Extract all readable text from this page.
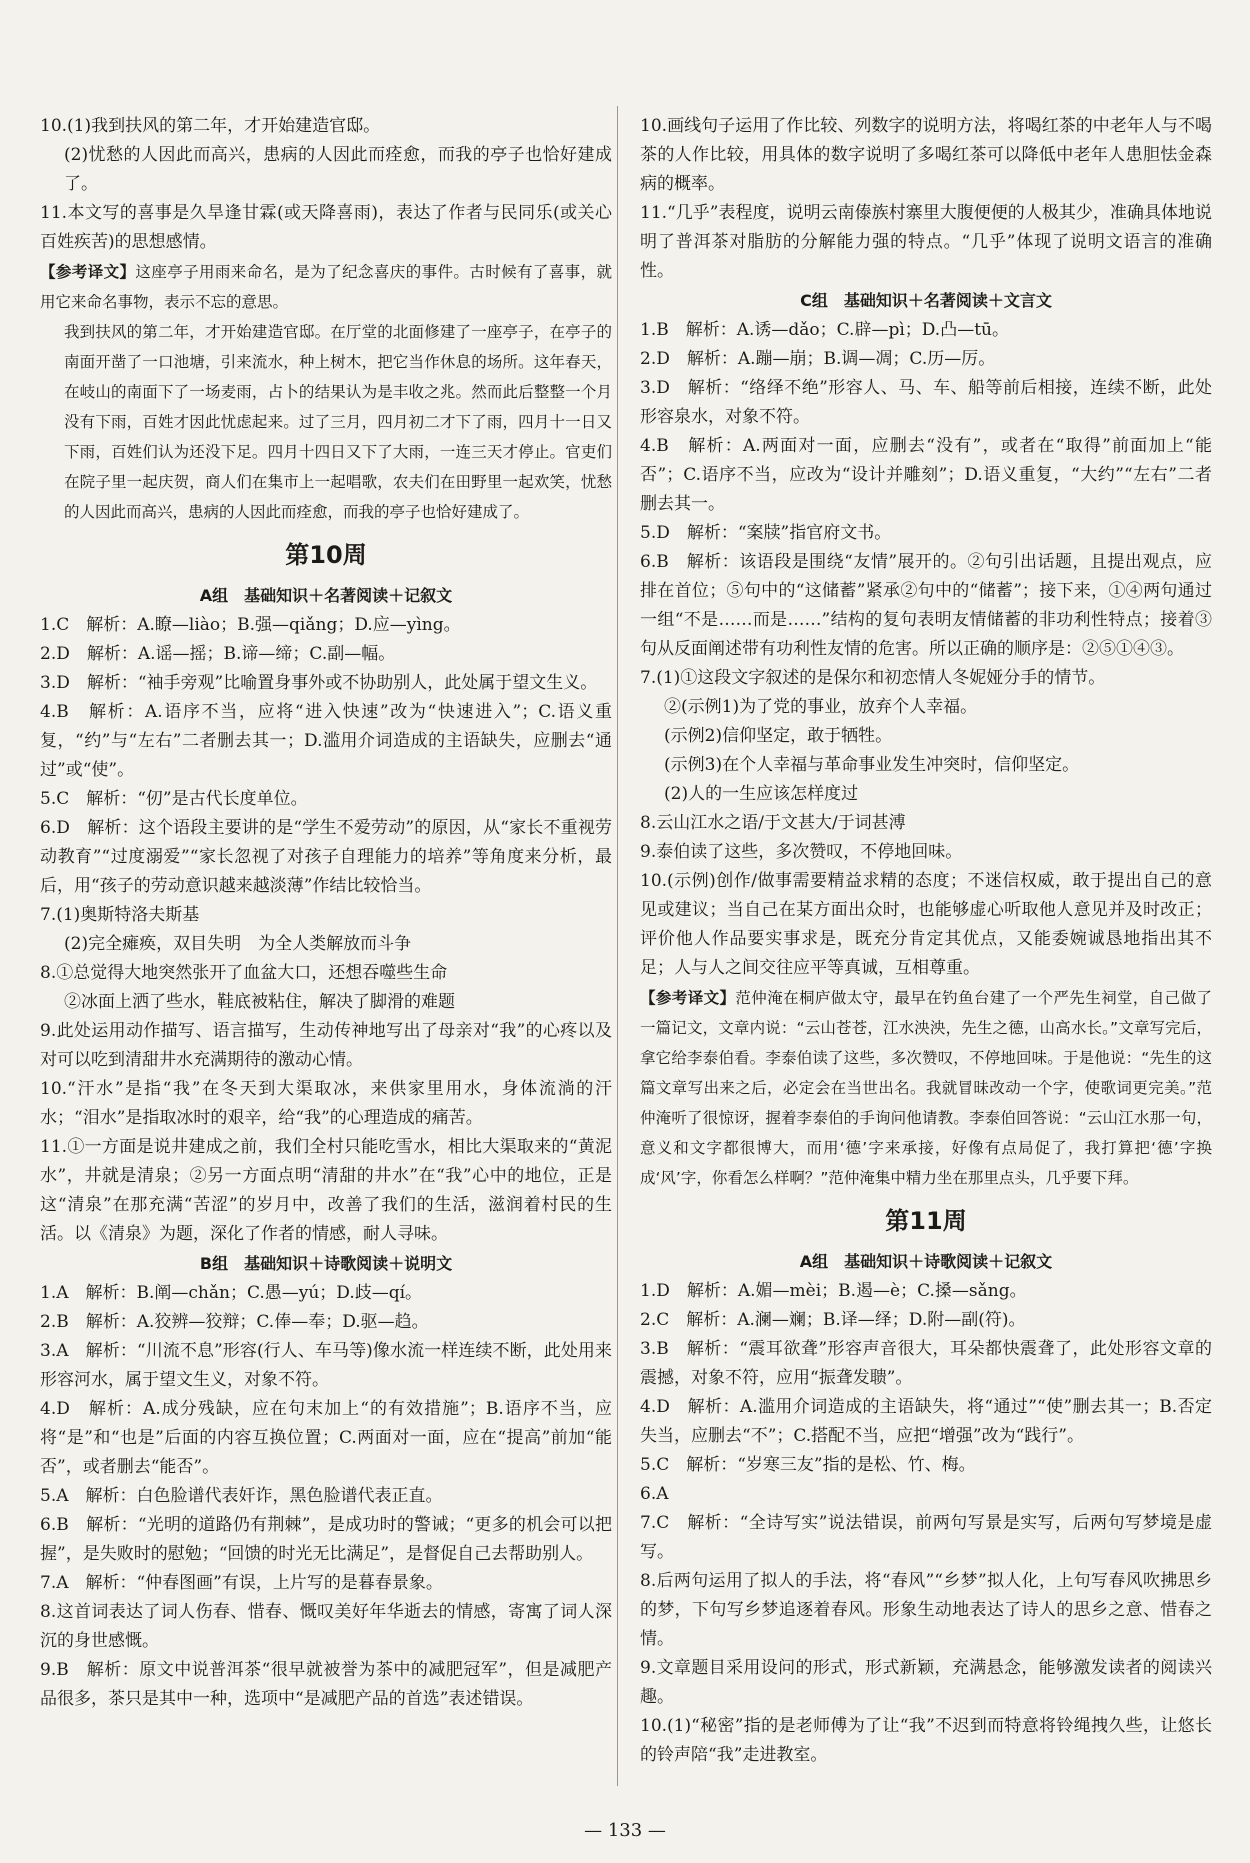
10.(1)我到扶风的第二年，才开始建造官邸。

(2)忧愁的人因此而高兴，患病的人因此而痊愈，而我的亭子也恰好建成了。

11.本文写的喜事是久旱逢甘霖(或天降喜雨)，表达了作者与民同乐(或关心百姓疾苦)的思想感情。

【参考译文】这座亭子用雨来命名，是为了纪念喜庆的事件。古时候有了喜事，就用它来命名事物，表示不忘的意思。

我到扶风的第二年，才开始建造官邸。在厅堂的北面修建了一座亭子，在亭子的南面开凿了一口池塘，引来流水，种上树木，把它当作休息的场所。这年春天，在岐山的南面下了一场麦雨，占卜的结果认为是丰收之兆。然而此后整整一个月没有下雨，百姓才因此忧虑起来。过了三月，四月初二才下了雨，四月十一日又下雨，百姓们认为还没下足。四月十四日又下了大雨，一连三天才停止。官吏们在院子里一起庆贺，商人们在集市上一起唱歌，农夫们在田野里一起欢笑，忧愁的人因此而高兴，患病的人因此而痊愈，而我的亭子也恰好建成了。

第10周
A组　基础知识＋名著阅读＋记叙文

1.C　解析：A.瞭—liào；B.强—qiǎng；D.应—yìng。

2.D　解析：A.谣—摇；B.谛—缔；C.副—幅。

3.D　解析：“袖手旁观”比喻置身事外或不协助别人，此处属于望文生义。

4.B　解析：A.语序不当，应将“进入快速”改为“快速进入”；C.语义重复，“约”与“左右”二者删去其一；D.滥用介词造成的主语缺失，应删去“通过”或“使”。

5.C　解析：“仞”是古代长度单位。

6.D　解析：这个语段主要讲的是“学生不爱劳动”的原因，从“家长不重视劳动教育”“过度溺爱”“家长忽视了对孩子自理能力的培养”等角度来分析，最后，用“孩子的劳动意识越来越淡薄”作结比较恰当。

7.(1)奥斯特洛夫斯基

(2)完全瘫痪，双目失明　为全人类解放而斗争

8.①总觉得大地突然张开了血盆大口，还想吞噬些生命

②冰面上洒了些水，鞋底被粘住，解决了脚滑的难题

9.此处运用动作描写、语言描写，生动传神地写出了母亲对“我”的心疼以及对可以吃到清甜井水充满期待的激动心情。

10.“汗水”是指“我”在冬天到大渠取冰，来供家里用水，身体流淌的汗水；“泪水”是指取冰时的艰辛，给“我”的心理造成的痛苦。

11.①一方面是说井建成之前，我们全村只能吃雪水，相比大渠取来的“黄泥水”，井就是清泉；②另一方面点明“清甜的井水”在“我”心中的地位，正是这“清泉”在那充满“苦涩”的岁月中，改善了我们的生活，滋润着村民的生活。以《清泉》为题，深化了作者的情感，耐人寻味。

B组　基础知识＋诗歌阅读＋说明文

1.A　解析：B.阐—chǎn；C.愚—yú；D.歧—qí。

2.B　解析：A.狡辨—狡辩；C.俸—奉；D.驱—趋。

3.A　解析：“川流不息”形容(行人、车马等)像水流一样连续不断，此处用来形容河水，属于望文生义，对象不符。

4.D　解析：A.成分残缺，应在句末加上“的有效措施”；B.语序不当，应将“是”和“也是”后面的内容互换位置；C.两面对一面，应在“提高”前加“能否”，或者删去“能否”。

5.A　解析：白色脸谱代表奸诈，黑色脸谱代表正直。

6.B　解析：“光明的道路仍有荆棘”，是成功时的警诫；“更多的机会可以把握”，是失败时的慰勉；“回馈的时光无比满足”，是督促自己去帮助别人。

7.A　解析：“仲春图画”有误，上片写的是暮春景象。

8.这首词表达了词人伤春、惜春、慨叹美好年华逝去的情感，寄寓了词人深沉的身世感慨。

9.B　解析：原文中说普洱茶“很早就被誉为茶中的减肥冠军”，但是减肥产品很多，茶只是其中一种，选项中“是减肥产品的首选”表述错误。

10.画线句子运用了作比较、列数字的说明方法，将喝红茶的中老年人与不喝茶的人作比较，用具体的数字说明了多喝红茶可以降低中老年人患胆怯金森病的概率。

11.“几乎”表程度，说明云南傣族村寨里大腹便便的人极其少，准确具体地说明了普洱茶对脂肪的分解能力强的特点。“几乎”体现了说明文语言的准确性。

C组　基础知识＋名著阅读＋文言文

1.B　解析：A.诱—dǎo；C.辟—pì；D.凸—tū。

2.D　解析：A.蹦—崩；B.调—凋；C.历—厉。

3.D　解析：“络绎不绝”形容人、马、车、船等前后相接，连续不断，此处形容泉水，对象不符。

4.B　解析：A.两面对一面，应删去“没有”，或者在“取得”前面加上“能否”；C.语序不当，应改为“设计并雕刻”；D.语义重复，“大约”“左右”二者删去其一。

5.D　解析：“案牍”指官府文书。

6.B　解析：该语段是围绕“友情”展开的。②句引出话题，且提出观点，应排在首位；⑤句中的“这储蓄”紧承②句中的“储蓄”；接下来，①④两句通过一组“不是……而是……”结构的复句表明友情储蓄的非功利性特点；接着③句从反面阐述带有功利性友情的危害。所以正确的顺序是：②⑤①④③。

7.(1)①这段文字叙述的是保尔和初恋情人冬妮娅分手的情节。

②(示例1)为了党的事业，放弃个人幸福。

(示例2)信仰坚定，敢于牺牲。

(示例3)在个人幸福与革命事业发生冲突时，信仰坚定。

(2)人的一生应该怎样度过

8.云山江水之语/于文甚大/于词甚溥

9.泰伯读了这些，多次赞叹，不停地回味。

10.(示例)创作/做事需要精益求精的态度；不迷信权威，敢于提出自己的意见或建议；当自己在某方面出众时，也能够虚心听取他人意见并及时改正；评价他人作品要实事求是，既充分肯定其优点，又能委婉诚恳地指出其不足；人与人之间交往应平等真诚，互相尊重。

【参考译文】范仲淹在桐庐做太守，最早在钓鱼台建了一个严先生祠堂，自己做了一篇记文，文章内说：“云山苍苍，江水泱泱，先生之德，山高水长。”文章写完后，拿它给李泰伯看。李泰伯读了这些，多次赞叹，不停地回味。于是他说：“先生的这篇文章写出来之后，必定会在当世出名。我就冒昧改动一个字，使歌词更完美。”范仲淹听了很惊讶，握着李泰伯的手询问他请教。李泰伯回答说：“云山江水那一句，意义和文字都很博大，而用‘德’字来承接，好像有点局促了，我打算把‘德’字换成‘风’字，你看怎么样啊？”范仲淹集中精力坐在那里点头，几乎要下拜。

第11周
A组　基础知识＋诗歌阅读＋记叙文

1.D　解析：A.媚—mèi；B.遏—è；C.搡—sǎng。

2.C　解析：A.澜—斓；B.译—绎；D.附—副(符)。

3.B　解析：“震耳欲聋”形容声音很大，耳朵都快震聋了，此处形容文章的震撼，对象不符，应用“振聋发聩”。

4.D　解析：A.滥用介词造成的主语缺失，将“通过”“使”删去其一；B.否定失当，应删去“不”；C.搭配不当，应把“增强”改为“践行”。

5.C　解析：“岁寒三友”指的是松、竹、梅。

6.A

7.C　解析：“全诗写实”说法错误，前两句写景是实写，后两句写梦境是虚写。

8.后两句运用了拟人的手法，将“春风”“乡梦”拟人化，上句写春风吹拂思乡的梦，下句写乡梦追逐着春风。形象生动地表达了诗人的思乡之意、惜春之情。

9.文章题目采用设问的形式，形式新颖，充满悬念，能够激发读者的阅读兴趣。

10.(1)“秘密”指的是老师傅为了让“我”不迟到而特意将铃绳拽久些，让悠长的铃声陪“我”走进教室。

— 133 —
